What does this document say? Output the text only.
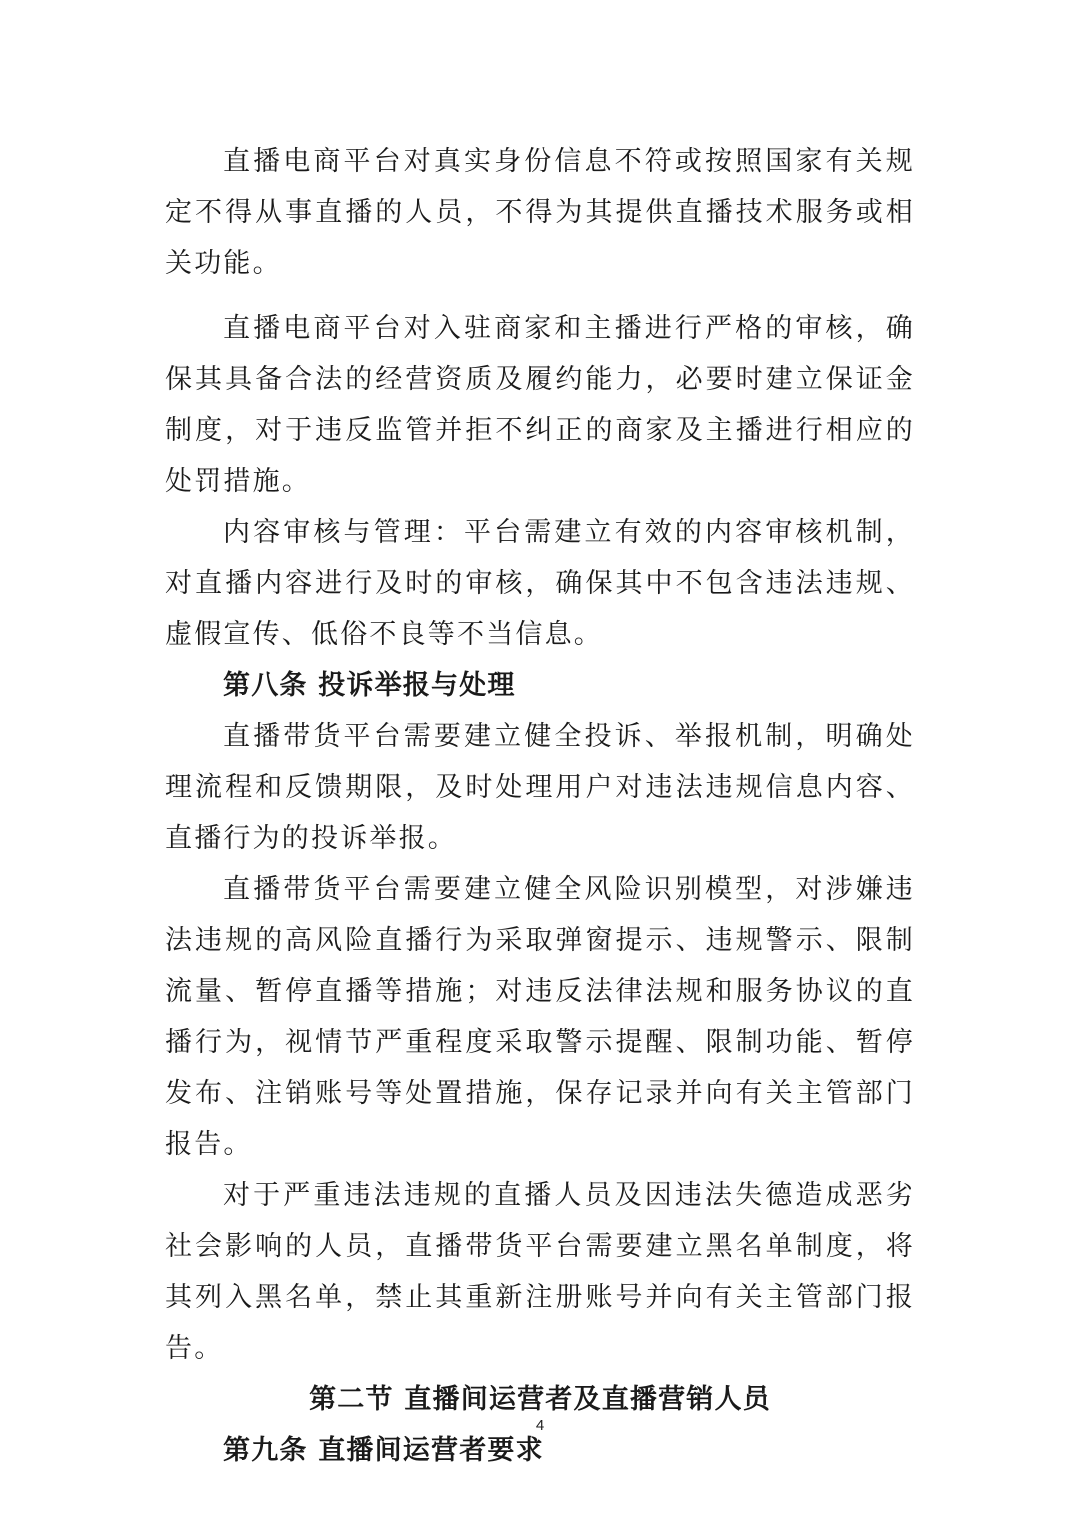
直播电商平台对真实身份信息不符或按照国家有关规定不得从事直播的人员，不得为其提供直播技术服务或相关功能。

直播电商平台对入驻商家和主播进行严格的审核，确保其具备合法的经营资质及履约能力，必要时建立保证金制度，对于违反监管并拒不纠正的商家及主播进行相应的处罚措施。

内容审核与管理：平台需建立有效的内容审核机制，对直播内容进行及时的审核，确保其中不包含违法违规、虚假宣传、低俗不良等不当信息。

第八条 投诉举报与处理

直播带货平台需要建立健全投诉、举报机制，明确处理流程和反馈期限，及时处理用户对违法违规信息内容、直播行为的投诉举报。

直播带货平台需要建立健全风险识别模型，对涉嫌违法违规的高风险直播行为采取弹窗提示、违规警示、限制流量、暂停直播等措施；对违反法律法规和服务协议的直播行为，视情节严重程度采取警示提醒、限制功能、暂停发布、注销账号等处置措施，保存记录并向有关主管部门报告。

对于严重违法违规的直播人员及因违法失德造成恶劣社会影响的人员，直播带货平台需要建立黑名单制度，将其列入黑名单，禁止其重新注册账号并向有关主管部门报告。

第二节 直播间运营者及直播营销人员

第九条 直播间运营者要求

4
